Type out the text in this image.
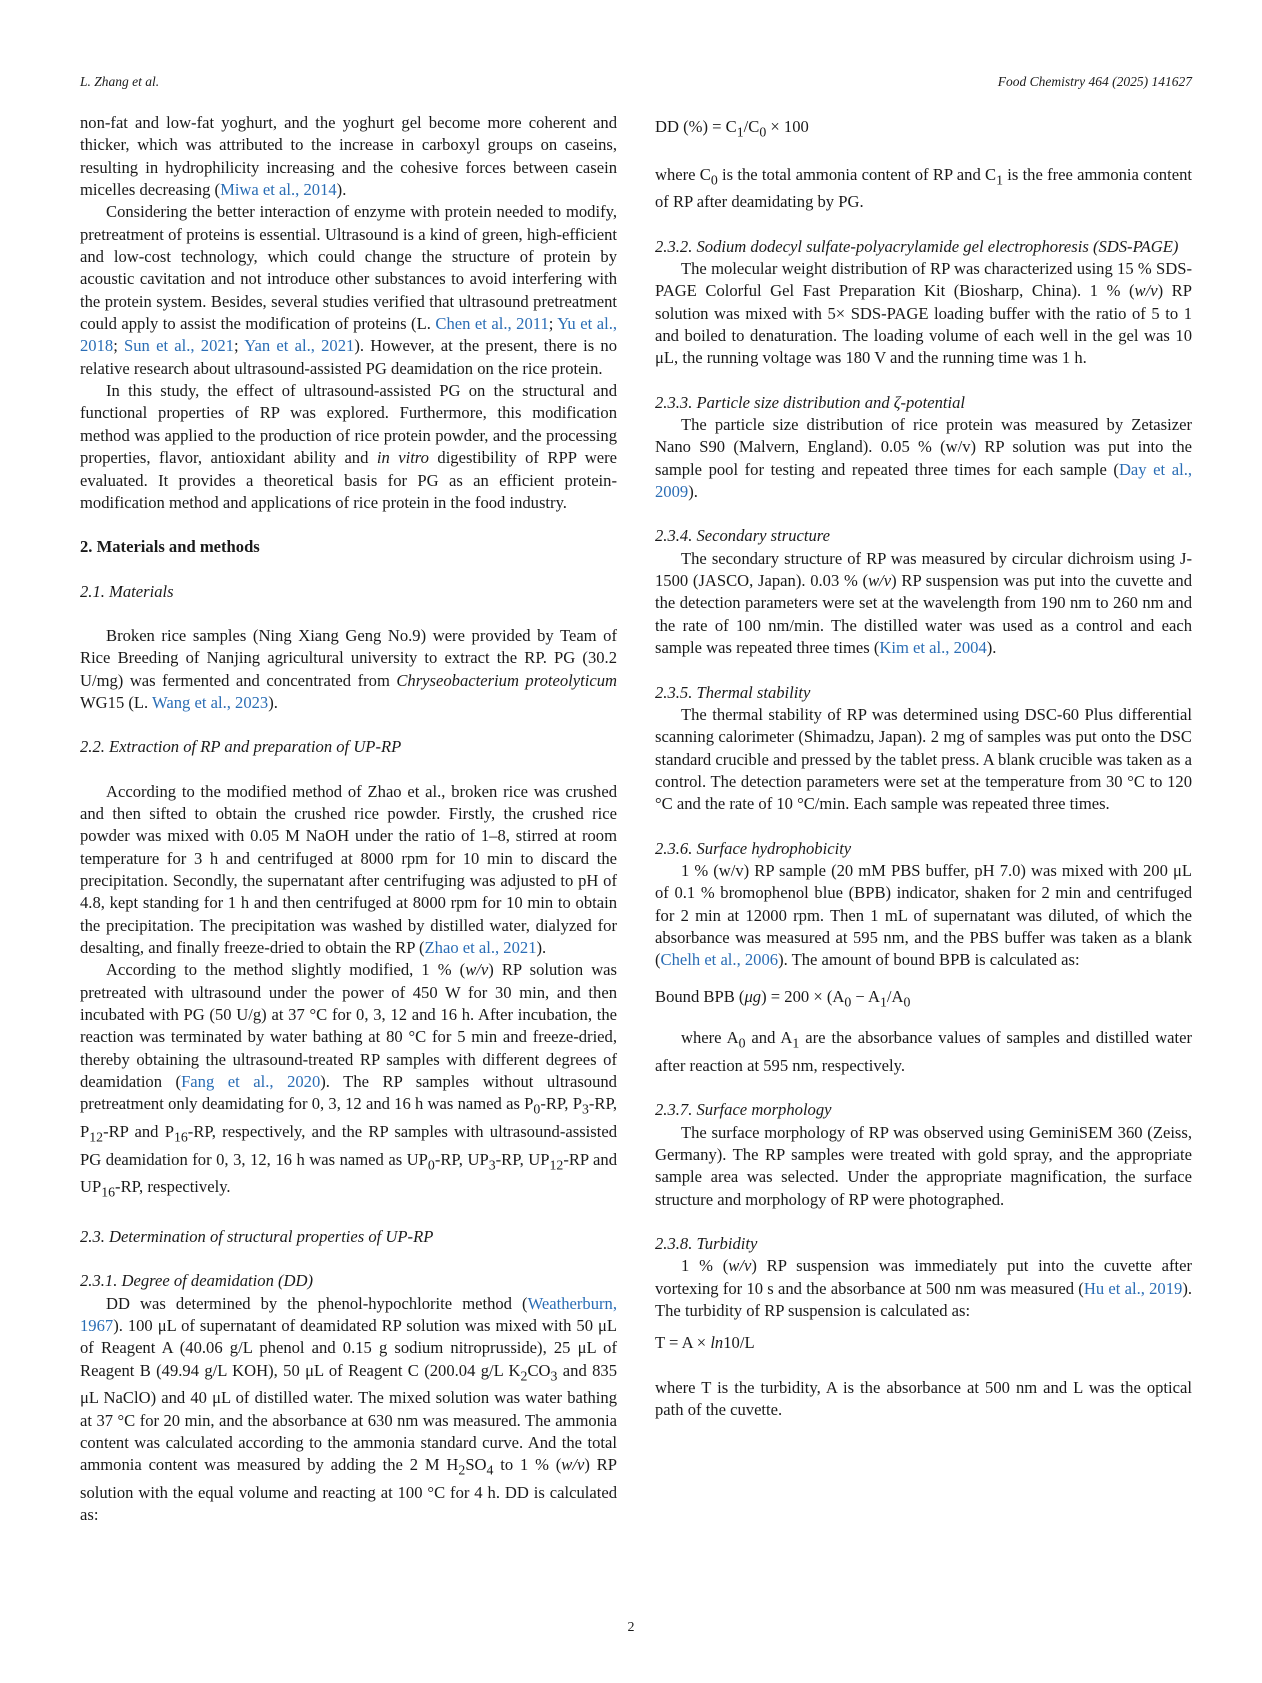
L. Zhang et al.	Food Chemistry 464 (2025) 141627

non-fat and low-fat yoghurt, and the yoghurt gel become more coherent and thicker, which was attributed to the increase in carboxyl groups on caseins, resulting in hydrophilicity increasing and the cohesive forces between casein micelles decreasing (Miwa et al., 2014).

Considering the better interaction of enzyme with protein needed to modify, pretreatment of proteins is essential. Ultrasound is a kind of green, high-efficient and low-cost technology, which could change the structure of protein by acoustic cavitation and not introduce other substances to avoid interfering with the protein system. Besides, several studies verified that ultrasound pretreatment could apply to assist the modification of proteins (L. Chen et al., 2011; Yu et al., 2018; Sun et al., 2021; Yan et al., 2021). However, at the present, there is no relative research about ultrasound-assisted PG deamidation on the rice protein.

In this study, the effect of ultrasound-assisted PG on the structural and functional properties of RP was explored. Furthermore, this modification method was applied to the production of rice protein powder, and the processing properties, flavor, antioxidant ability and in vitro digestibility of RPP were evaluated. It provides a theoretical basis for PG as an efficient protein-modification method and applications of rice protein in the food industry.

2. Materials and methods

2.1. Materials

Broken rice samples (Ning Xiang Geng No.9) were provided by Team of Rice Breeding of Nanjing agricultural university to extract the RP. PG (30.2 U/mg) was fermented and concentrated from Chryseobacterium proteolyticum WG15 (L. Wang et al., 2023).

2.2. Extraction of RP and preparation of UP-RP

According to the modified method of Zhao et al., broken rice was crushed and then sifted to obtain the crushed rice powder. Firstly, the crushed rice powder was mixed with 0.05 M NaOH under the ratio of 1–8, stirred at room temperature for 3 h and centrifuged at 8000 rpm for 10 min to discard the precipitation. Secondly, the supernatant after centrifuging was adjusted to pH of 4.8, kept standing for 1 h and then centrifuged at 8000 rpm for 10 min to obtain the precipitation. The precipitation was washed by distilled water, dialyzed for desalting, and finally freeze-dried to obtain the RP (Zhao et al., 2021).

According to the method slightly modified, 1 % (w/v) RP solution was pretreated with ultrasound under the power of 450 W for 30 min, and then incubated with PG (50 U/g) at 37 °C for 0, 3, 12 and 16 h. After incubation, the reaction was terminated by water bathing at 80 °C for 5 min and freeze-dried, thereby obtaining the ultrasound-treated RP samples with different degrees of deamidation (Fang et al., 2020). The RP samples without ultrasound pretreatment only deamidating for 0, 3, 12 and 16 h was named as $P_0-RP$, $P_3-RP$, $P_{12}-RP$ and $P_{16}-RP$, respectively, and the RP samples with ultrasound-assisted PG deamidation for 0, 3, 12, 16 h was named as $UP_0-RP$, $UP_3-RP$, $UP_{12}-RP$ and $UP_{16}-RP$, respectively.

2.3. Determination of structural properties of UP-RP

2.3.1. Degree of deamidation (DD)

DD was determined by the phenol-hypochlorite method (Weatherburn, 1967). 100 μL of supernatant of deamidated RP solution was mixed with 50 μL of Reagent A (40.06 g/L phenol and 0.15 g sodium nitroprusside), 25 μL of Reagent B (49.94 g/L KOH), 50 μL of Reagent C (200.04 g/L $K_2CO_3$ and 835 μL NaClO) and 40 μL of distilled water. The mixed solution was water bathing at 37 °C for 20 min, and the absorbance at 630 nm was measured. The ammonia content was calculated according to the ammonia standard curve. And the total ammonia content was measured by adding the 2 M $H_2SO_4$ to 1 % (w/v) RP solution with the equal volume and reacting at 100 °C for 4 h. DD is calculated as:

DD (%) = $C_1/C_0 \times 100$

where $C_0$ is the total ammonia content of RP and $C_1$ is the free ammonia content of RP after deamidating by PG.

2.3.2. Sodium dodecyl sulfate-polyacrylamide gel electrophoresis (SDS-PAGE)

The molecular weight distribution of RP was characterized using 15 % SDS-PAGE Colorful Gel Fast Preparation Kit (Biosharp, China). 1 % (w/v) RP solution was mixed with 5× SDS-PAGE loading buffer with the ratio of 5 to 1 and boiled to denaturation. The loading volume of each well in the gel was 10 μL, the running voltage was 180 V and the running time was 1 h.

2.3.3. Particle size distribution and ζ-potential

The particle size distribution of rice protein was measured by Zetasizer Nano S90 (Malvern, England). 0.05 % (w/v) RP solution was put into the sample pool for testing and repeated three times for each sample (Day et al., 2009).

2.3.4. Secondary structure

The secondary structure of RP was measured by circular dichroism using J-1500 (JASCO, Japan). 0.03 % (w/v) RP suspension was put into the cuvette and the detection parameters were set at the wavelength from 190 nm to 260 nm and the rate of 100 nm/min. The distilled water was used as a control and each sample was repeated three times (Kim et al., 2004).

2.3.5. Thermal stability

The thermal stability of RP was determined using DSC-60 Plus differential scanning calorimeter (Shimadzu, Japan). 2 mg of samples was put onto the DSC standard crucible and pressed by the tablet press. A blank crucible was taken as a control. The detection parameters were set at the temperature from 30 °C to 120 °C and the rate of 10 °C/min. Each sample was repeated three times.

2.3.6. Surface hydrophobicity

1 % (w/v) RP sample (20 mM PBS buffer, pH 7.0) was mixed with 200 μL of 0.1 % bromophenol blue (BPB) indicator, shaken for 2 min and centrifuged for 2 min at 12000 rpm. Then 1 mL of supernatant was diluted, of which the absorbance was measured at 595 nm, and the PBS buffer was taken as a blank (Chelh et al., 2006). The amount of bound BPB is calculated as:

Bound BPB $(\mu g) = 200 \times (A_0 - A_1/A_0$

where $A_0$ and $A_1$ are the absorbance values of samples and distilled water after reaction at 595 nm, respectively.

2.3.7. Surface morphology

The surface morphology of RP was observed using GeminiSEM 360 (Zeiss, Germany). The RP samples were treated with gold spray, and the appropriate sample area was selected. Under the appropriate magnification, the surface structure and morphology of RP were photographed.

2.3.8. Turbidity

1 % (w/v) RP suspension was immediately put into the cuvette after vortexing for 10 s and the absorbance at 500 nm was measured (Hu et al., 2019). The turbidity of RP suspension is calculated as:

T = A × ln10/L

where T is the turbidity, A is the absorbance at 500 nm and L was the optical path of the cuvette.

2
